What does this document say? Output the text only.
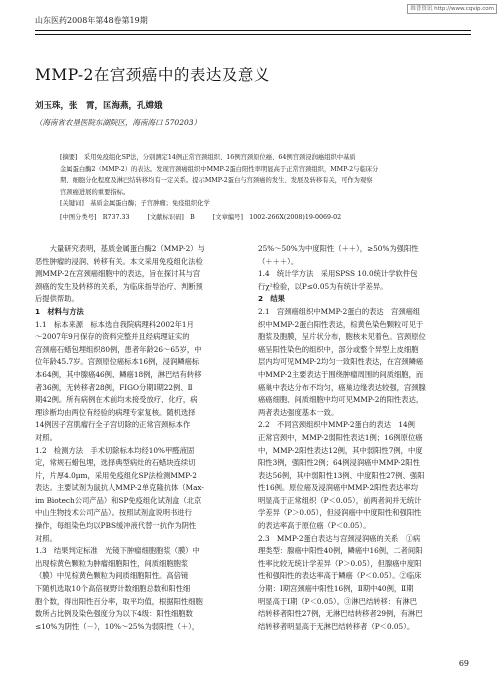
维普资讯 http://www.cqvip.com
山东医药2008年第48卷第19期
MMP-2在宫颈癌中的表达及意义
刘玉珠，张　霄，匡海燕，孔嫦娥
（海南省农垦医院东湖院区，海南海口 570203）
[摘要]　采用免疫组化SP法，分别测定14例正常宫颈组织、16例宫颈原位癌、64例宫颈浸润癌组织中基质
金属蛋白酶2（MMP-2）的表达。发现宫颈癌组织中MMP-2蛋白阳性率明显高于正常宫颈组织，MMP-2与临床分
期、细胞分化程度及淋巴结转移均有一定关系。提示MMP-2蛋白与宫颈癌的发生、发展及转移有关，可作为观察
宫颈癌进展的重要指标。
[关键词]　基质金属蛋白酶；子宫肿瘤；免疫组织化学
[中图分类号]　R737.33	[文献标识码]　B	[文章编号]　1002-266X(2008)19-0069-02
　　大量研究表明，基质金属蛋白酶2（MMP-2）与
恶性肿瘤的浸润、转移有关。本文采用免疫组化法检
测MMP-2在宫颈癌细胞中的表达，旨在探讨其与宫
颈癌的发生及转移的关系，为临床指导治疗、判断预
后提供帮助。
1　材料与方法
1.1　标本来源　标本选自我院病理科2002年1月
～2007年9月保存的资料完整并且经病理证实的
宫颈癌石蜡包埋组织80例，患者年龄26～65岁，中
位年龄45.7岁。宫颈原位癌标本16例，浸润鳞癌标
本64例，其中腺癌46例、鳞癌18例，淋巴结有转移
者36例，无转移者28例，FIGO分期Ⅰ期22例、Ⅱ
期42例。所有病例在术前均未接受放疗、化疗，病
理诊断均由两位有经验的病理专家复核。随机选择
14例因子宫肌瘤行全子宫切除的正常宫颈标本作
对照。
1.2　检测方法　手术切除标本均经10%甲醛液固
定，常规石蜡包埋，选择典型病灶的石蜡块连续切
片，片厚4.0μm，采用免疫组化SP法检测MMP-2
表达。主要试剂为鼠抗人MMP-2单克隆抗体（Max-
im Biotech公司产品）和SP免疫组化试剂盒（北京
中山生物技术公司产品）。按照试剂盒说明书进行
操作，每组染色均以PBS缓冲液代替一抗作为阴性
对照。
1.3　结果判定标准　光镜下肿瘤细胞胞浆（膜）中
出现棕黄色颗粒为肿瘤细胞阳性，间质细胞胞浆
（膜）中见棕黄色颗粒为间质细胞阳性。高倍镜
下随机选取10个高倍视野计数细胞总数和阳性细
胞个数，得出阳性百分率，取平均值，根据阳性细胞
数所占比例及染色强度分为以下4级：阳性细胞数
≤10%为阴性（－），10%～25%为弱阳性（＋），
25%～50%为中度阳性（＋＋），≥50%为强阳性
（＋＋＋）。
1.4　统计学方法　采用SPSS 10.0统计学软件包
行χ²检验，以P≤0.05为有统计学差异。
2　结果
2.1　宫颈癌组织中MMP-2蛋白的表达　宫颈癌组
织中MMP-2蛋白阳性表达，棕黄色染色颗粒可见于
胞浆及胞膜，呈片状分布，胞核未见着色。宫颈原位
癌呈阳性染色的组织中，部分或整个异型上皮细胞
层内均可见MMP-2均匀一致阳性表达，在宫颈鳞癌
中MMP-2主要表达于围绕肿瘤周围的间质细胞，而
癌巢中表达分布不均匀，癌巢边缘表达较强，宫颈腺
癌癌细胞、间质细胞中均可见MMP-2的阳性表达，
两者表达强度基本一致。
2.2　不同宫颈组织中MMP-2蛋白的表达　14例
正常宫颈中，MMP-2弱阳性表达1例；16例原位癌
中，MMP-2阳性表达12例，其中弱阳性7例，中度
阳性3例，强阳性2例；64例浸润癌中MMP-2阳性
表达56例，其中弱阳性13例、中度阳性27例、强阳
性16例。原位癌及浸润癌中MMP-2阳性表达率均
明显高于正常组织（P＜0.05），前两者间并无统计
学差异（P＞0.05），但浸润癌中中度阳性和强阳性
的表达率高于原位癌（P＜0.05）。
2.3　MMP-2蛋白表达与宫颈浸润癌的关系　①病
理类型：腺癌中阳性40例，鳞癌中16例，二者间阳
性率比较无统计学差异（P＞0.05），但腺癌中度阳
性和强阳性的表达率高于鳞癌（P＜0.05）。②临床
分期：Ⅰ期宫颈癌中阳性16例，Ⅱ期中40例，Ⅱ期
明显高于Ⅰ期（P＜0.05）。③淋巴结转移：有淋巴
结转移者阳性27例，无淋巴结转移者29例，有淋巴
结转移者明显高于无淋巴结转移者（P＜0.05）。
69
